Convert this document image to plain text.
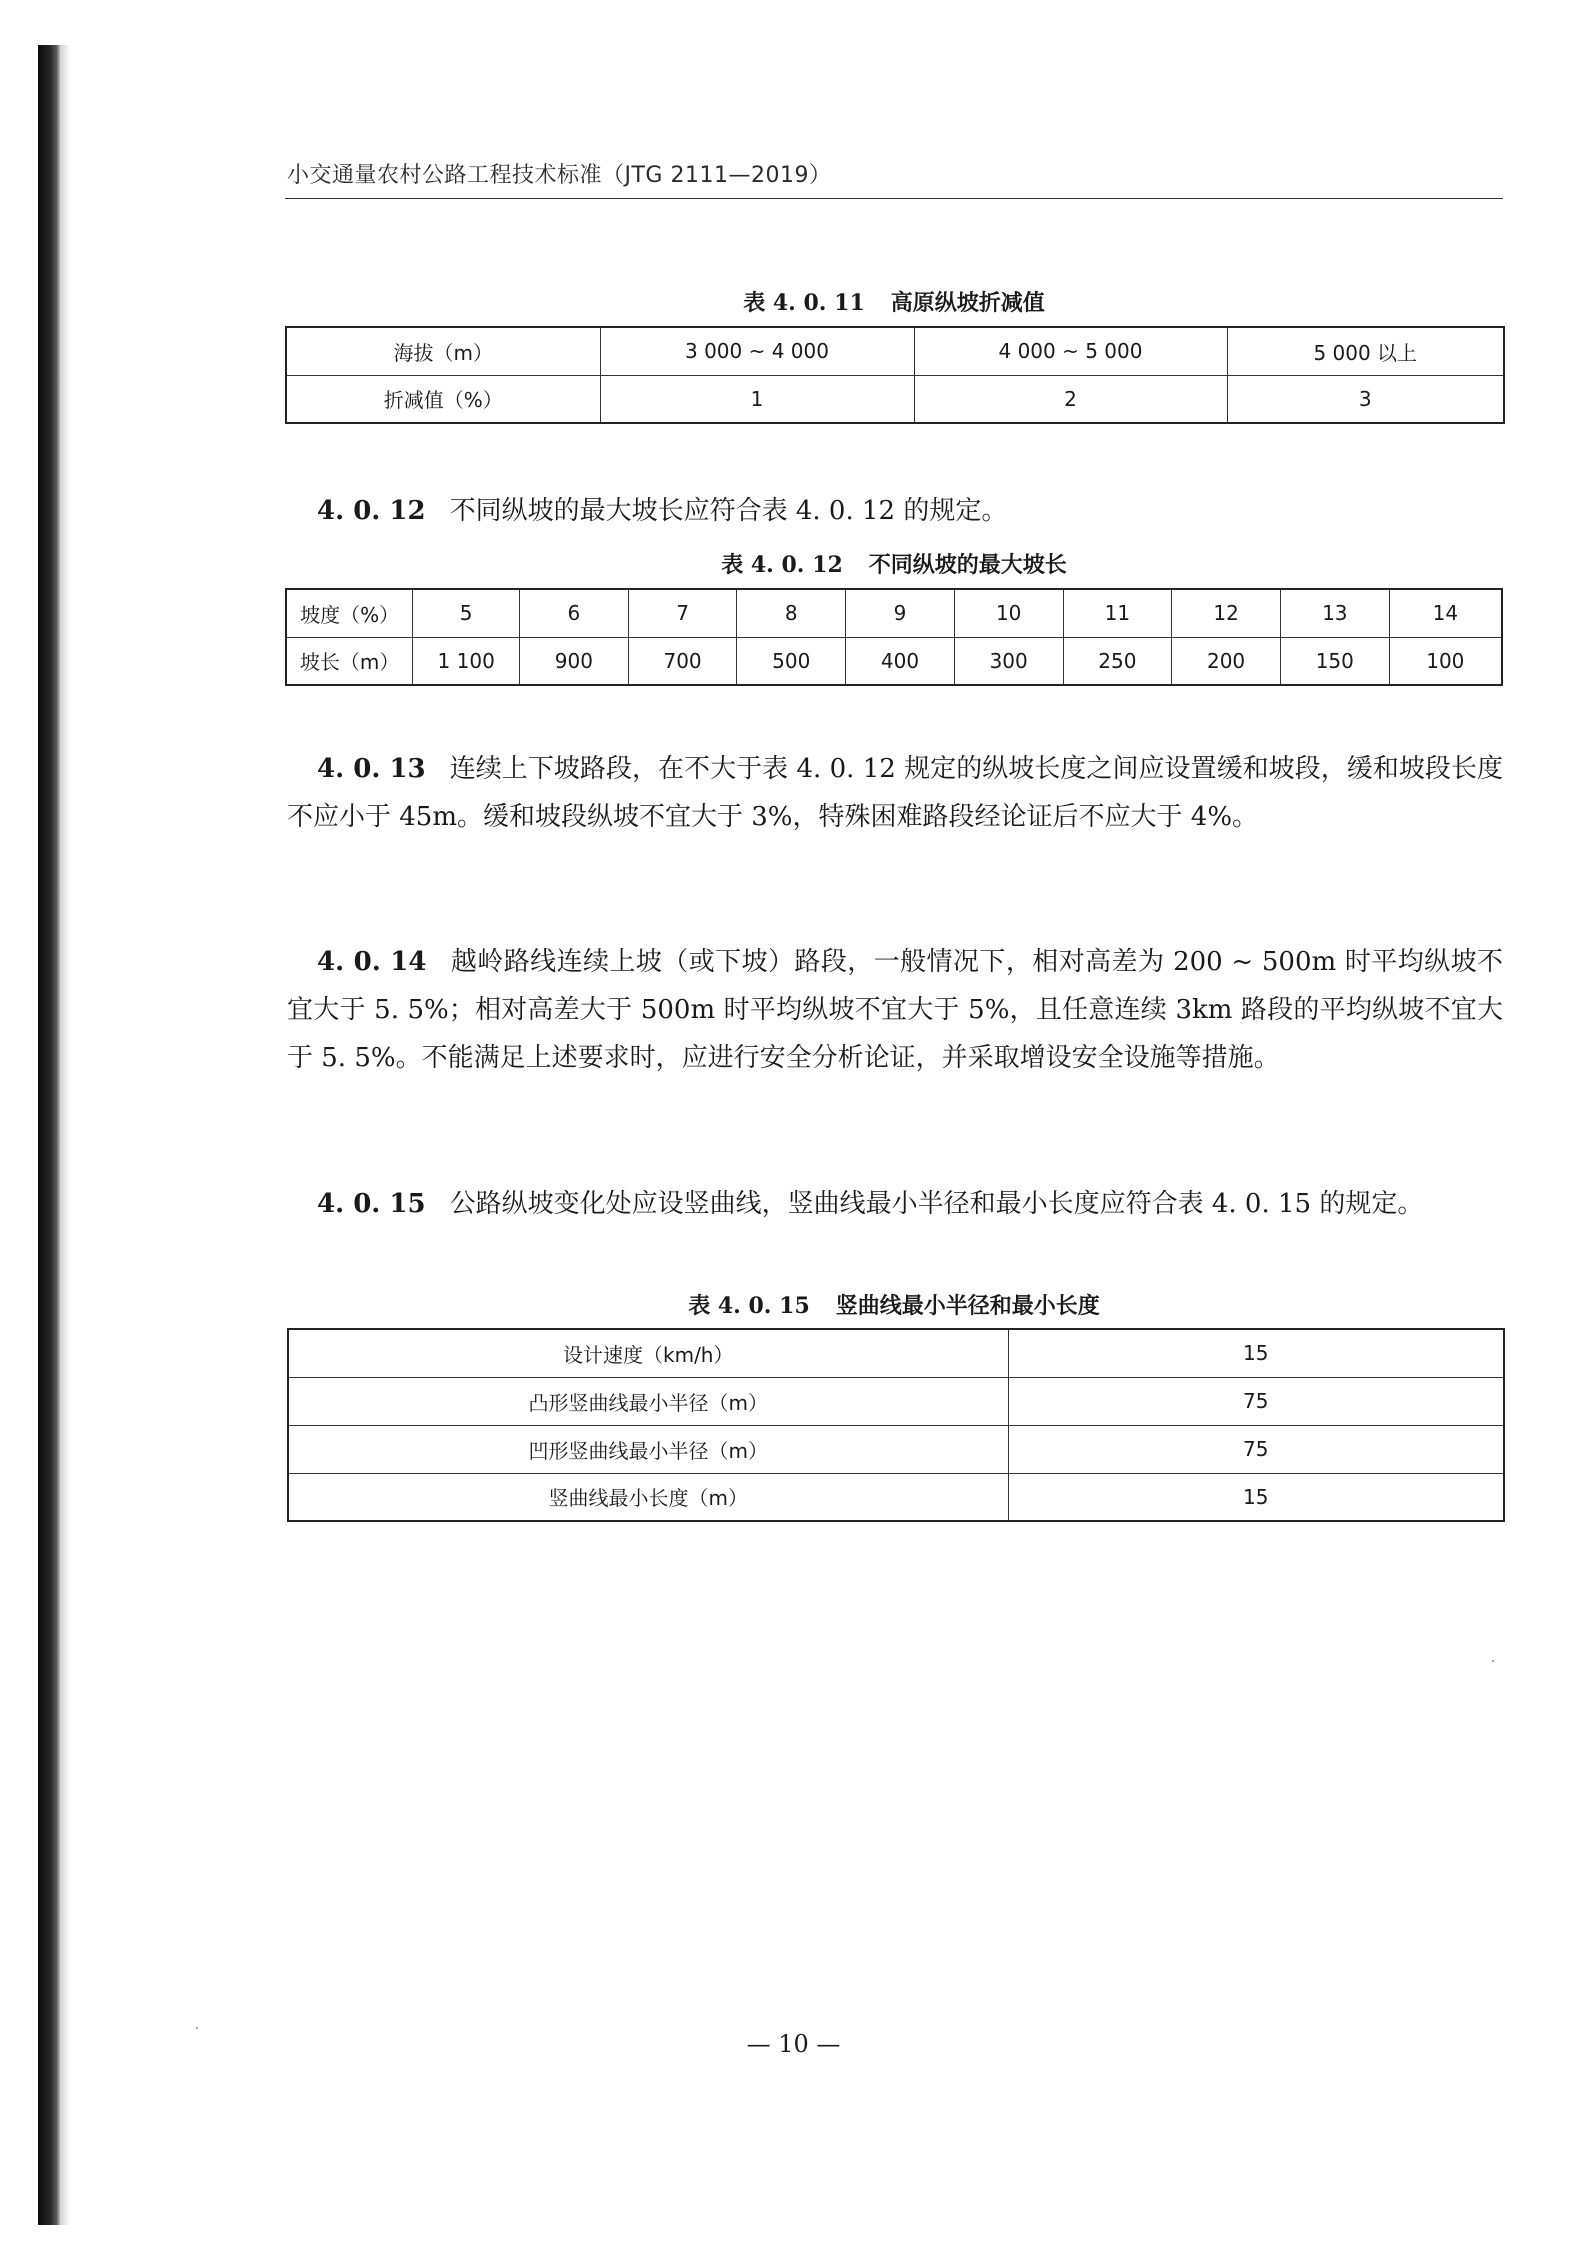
小交通量农村公路工程技术标准（JTG 2111—2019）
表 4. 0. 11 高原纵坡折减值
海拔（m）	3 000 ~ 4 000	4 000 ~ 5 000	5 000 以上
折减值（%）	1	2	3
4. 0. 12 不同纵坡的最大坡长应符合表 4. 0. 12 的规定。
表 4. 0. 12 不同纵坡的最大坡长
坡度（%）	5	6	7	8	9	10	11	12	13	14
坡长（m）	1 100	900	700	500	400	300	250	200	150	100
4. 0. 13 连续上下坡路段，在不大于表 4. 0. 12 规定的纵坡长度之间应设置缓和坡段，缓和坡段长度不应小于 45m。缓和坡段纵坡不宜大于 3%，特殊困难路段经论证后不应大于 4%。
4. 0. 14 越岭路线连续上坡（或下坡）路段，一般情况下，相对高差为 200 ~ 500m 时平均纵坡不宜大于 5. 5%；相对高差大于 500m 时平均纵坡不宜大于 5%，且任意连续 3km 路段的平均纵坡不宜大于 5. 5%。不能满足上述要求时，应进行安全分析论证，并采取增设安全设施等措施。
4. 0. 15 公路纵坡变化处应设竖曲线，竖曲线最小半径和最小长度应符合表 4. 0. 15 的规定。
表 4. 0. 15 竖曲线最小半径和最小长度
设计速度（km/h）	15
凸形竖曲线最小半径（m）	75
凹形竖曲线最小半径（m）	75
竖曲线最小长度（m）	15
— 10 —
